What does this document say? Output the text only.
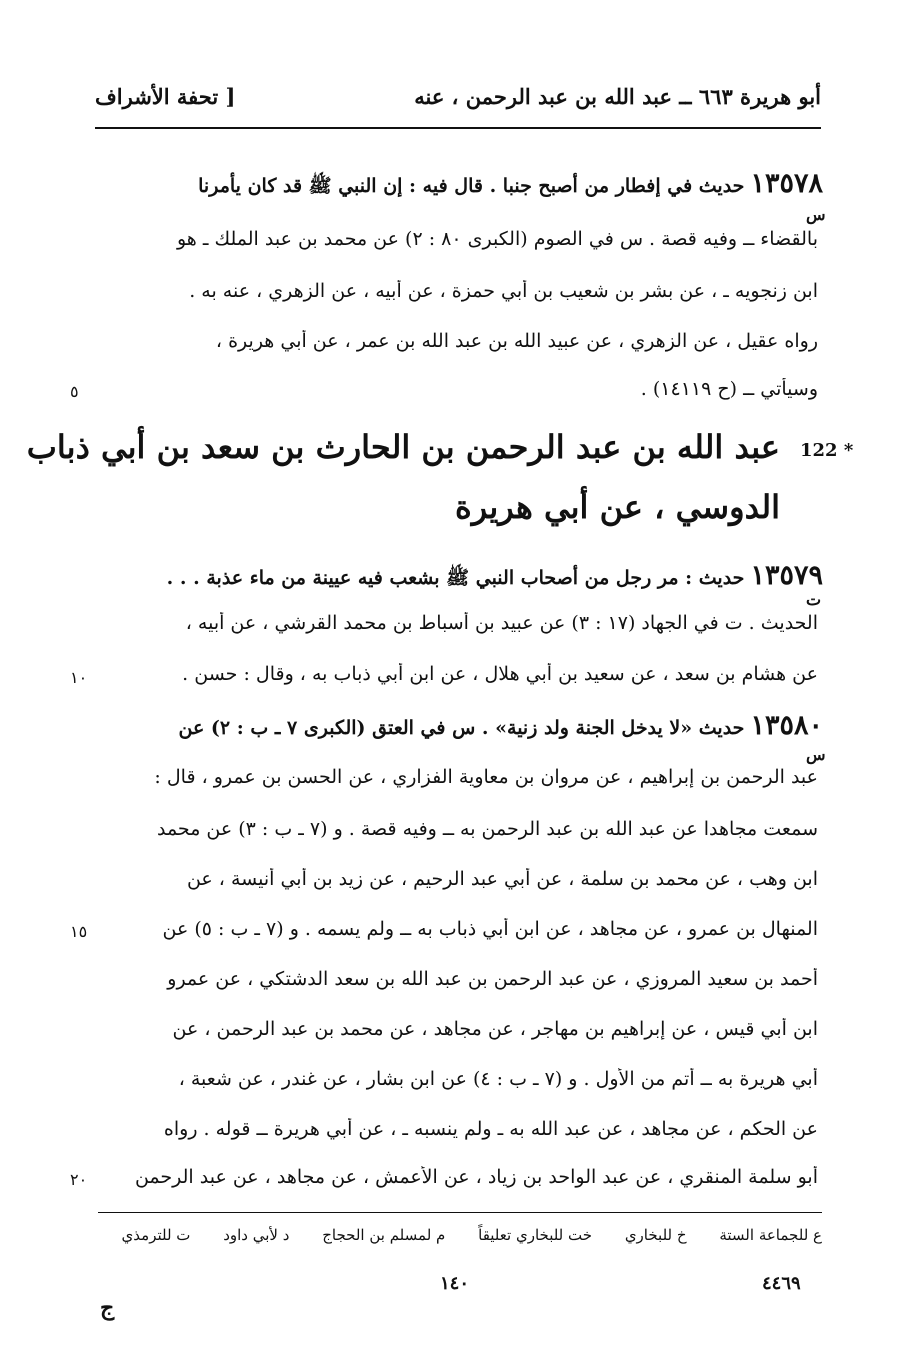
أبو هريرة ٦٦٣ ــ عبد الله بن عبد الرحمن ، عنه
[ تحفة الأشراف
١٣٥٧٨ حديث في إفطار من أصبح جنبا . قال فيه : إن النبي ﷺ قد كان يأمرنا
س
بالقضاء ــ وفيه قصة . س في الصوم (الكبرى ٨٠ : ٢) عن محمد بن عبد الملك ـ هو
ابن زنجويه ـ ، عن بشر بن شعيب بن أبي حمزة ، عن أبيه ، عن الزهري ، عنه به .
رواه عقيل ، عن الزهري ، عن عبيد الله بن عبد الله بن عمر ، عن أبي هريرة ،
وسيأتي ــ (ح ١٤١١٩) .
٥
122 *
عبد الله بن عبد الرحمن بن الحارث بن سعد بن أبي ذباب
الدوسي ، عن أبي هريرة
١٣٥٧٩ حديث : مر رجل من أصحاب النبي ﷺ بشعب فيه عيينة من ماء عذبة . . .
ت
الحديث . ت في الجهاد (١٧ : ٣) عن عبيد بن أسباط بن محمد القرشي ، عن أبيه ،
عن هشام بن سعد ، عن سعيد بن أبي هلال ، عن ابن أبي ذباب به ، وقال : حسن .
١٠
١٣٥٨٠ حديث «لا يدخل الجنة ولد زنية» . س في العتق (الكبرى ٧ ـ ب : ٢) عن
س
عبد الرحمن بن إبراهيم ، عن مروان بن معاوية الفزاري ، عن الحسن بن عمرو ، قال :
سمعت مجاهدا عن عبد الله بن عبد الرحمن به ــ وفيه قصة . و (٧ ـ ب : ٣) عن محمد
ابن وهب ، عن محمد بن سلمة ، عن أبي عبد الرحيم ، عن زيد بن أبي أنيسة ، عن
المنهال بن عمرو ، عن مجاهد ، عن ابن أبي ذباب به ــ ولم يسمه . و (٧ ـ ب : ٥) عن
١٥
أحمد بن سعيد المروزي ، عن عبد الرحمن بن عبد الله بن سعد الدشتكي ، عن عمرو
ابن أبي قيس ، عن إبراهيم بن مهاجر ، عن مجاهد ، عن محمد بن عبد الرحمن ، عن
أبي هريرة به ــ أتم من الأول . و (٧ ـ ب : ٤) عن ابن بشار ، عن غندر ، عن شعبة ،
عن الحكم ، عن مجاهد ، عن عبد الله به ـ ولم ينسبه ـ ، عن أبي هريرة ــ قوله . رواه
أبو سلمة المنقري ، عن عبد الواحد بن زياد ، عن الأعمش ، عن مجاهد ، عن عبد الرحمن
٢٠
ع للجماعة الستة خ للبخاري خت للبخاري تعليقاً م لمسلم بن الحجاج د لأبي داود ت للترمذي
١٤٠	٤٤٦٩
ج
